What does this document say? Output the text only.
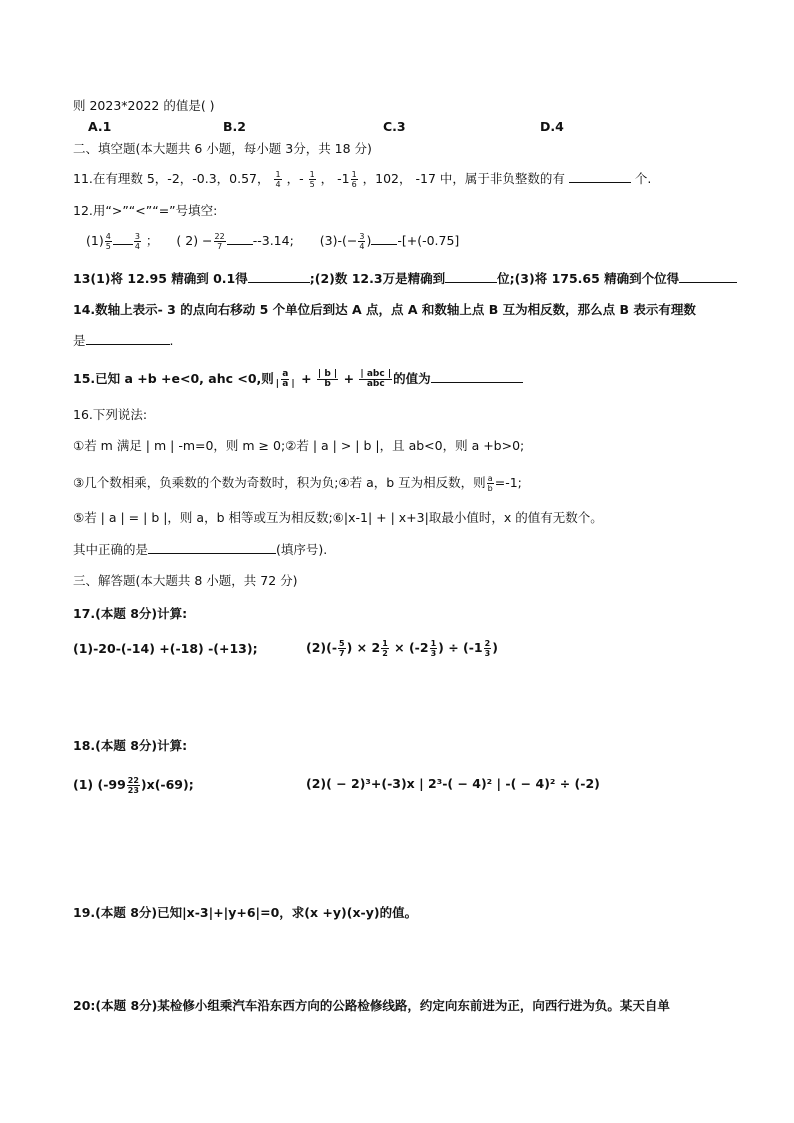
则 2023*2022 的值是( )
A.1	B.2	C.3	D.4
二、填空题(本大题共 6 小题，每小题 3分，共 18 分)
11.在有理数 5，-2，-0.3，0.57， $\frac{1}{4}$ ，- $\frac{1}{5}$ ， $-1 \frac{1}{6}$ ，102， -17 中，属于非负整数的有	个.
12.用“>”“<”“=”号填空:
$(1) \frac{4}{5}$	$\frac{3}{4}$ ； ( $2) - \frac{22}{7} --3.14$; $(3)-(- \frac{3}{4}$ ) -[+(-0.75]
13(1)将 12.95 精确到 0.1得	;(2)数 12.3万是精确到	位;(3)将 175.65 精确到个位得
14.数轴上表示- 3 的点向右移动 5 个单位后到达 A 点，点 A 和数轴上点 B 互为相反数，那么点 B 表示有理数
是	.
15.已知 a +b +e<0, ahc <0,则 $\frac{a}{| a |} + \frac{| b |}{b} + \frac{\text{| abc |}}{\text{abc}}$ 的值为
16.下列说法:
①若 m 满足 | m | -m=0，则 m ≥ 0;②若 | a | > | b |，且 ab<0，则 a +b>0;
③几个数相乘，负乘数的个数为奇数时，积为负;④若 a，b 互为相反数，则 $\frac{a}{b} =-1$;
⑤若 | a | = | b |，则 a，b 相等或互为相反数;⑥|x-1| + | x+3|取最小值时，x 的值有无数个。
其中正确的是	(填序号).
三、解答题(本大题共 8 小题，共 72 分)
17.(本题 8分)计算:
(1)-20-(-14) +(-18) -(+13);	$(2)(- \frac{5}{7}$ ) × $2 \frac{1}{2} \times (-2 \frac{1}{3}$ ) ÷ ($-1 \frac{2}{3}$ )
18.(本题 8分)计算:
(1) $(-99 \frac{22}{23} )x(-69)$;	(2)( − 2)³+(-3)x | 2³-( − 4)² | -( − 4)² ÷ (-2)
19.(本题 8分)已知|x-3|+|y+6|=0，求(x +y)(x-y)的值。
20:(本题 8分)某检修小组乘汽车沿东西方向的公路检修线路，约定向东前进为正，向西行进为负。某天自单
